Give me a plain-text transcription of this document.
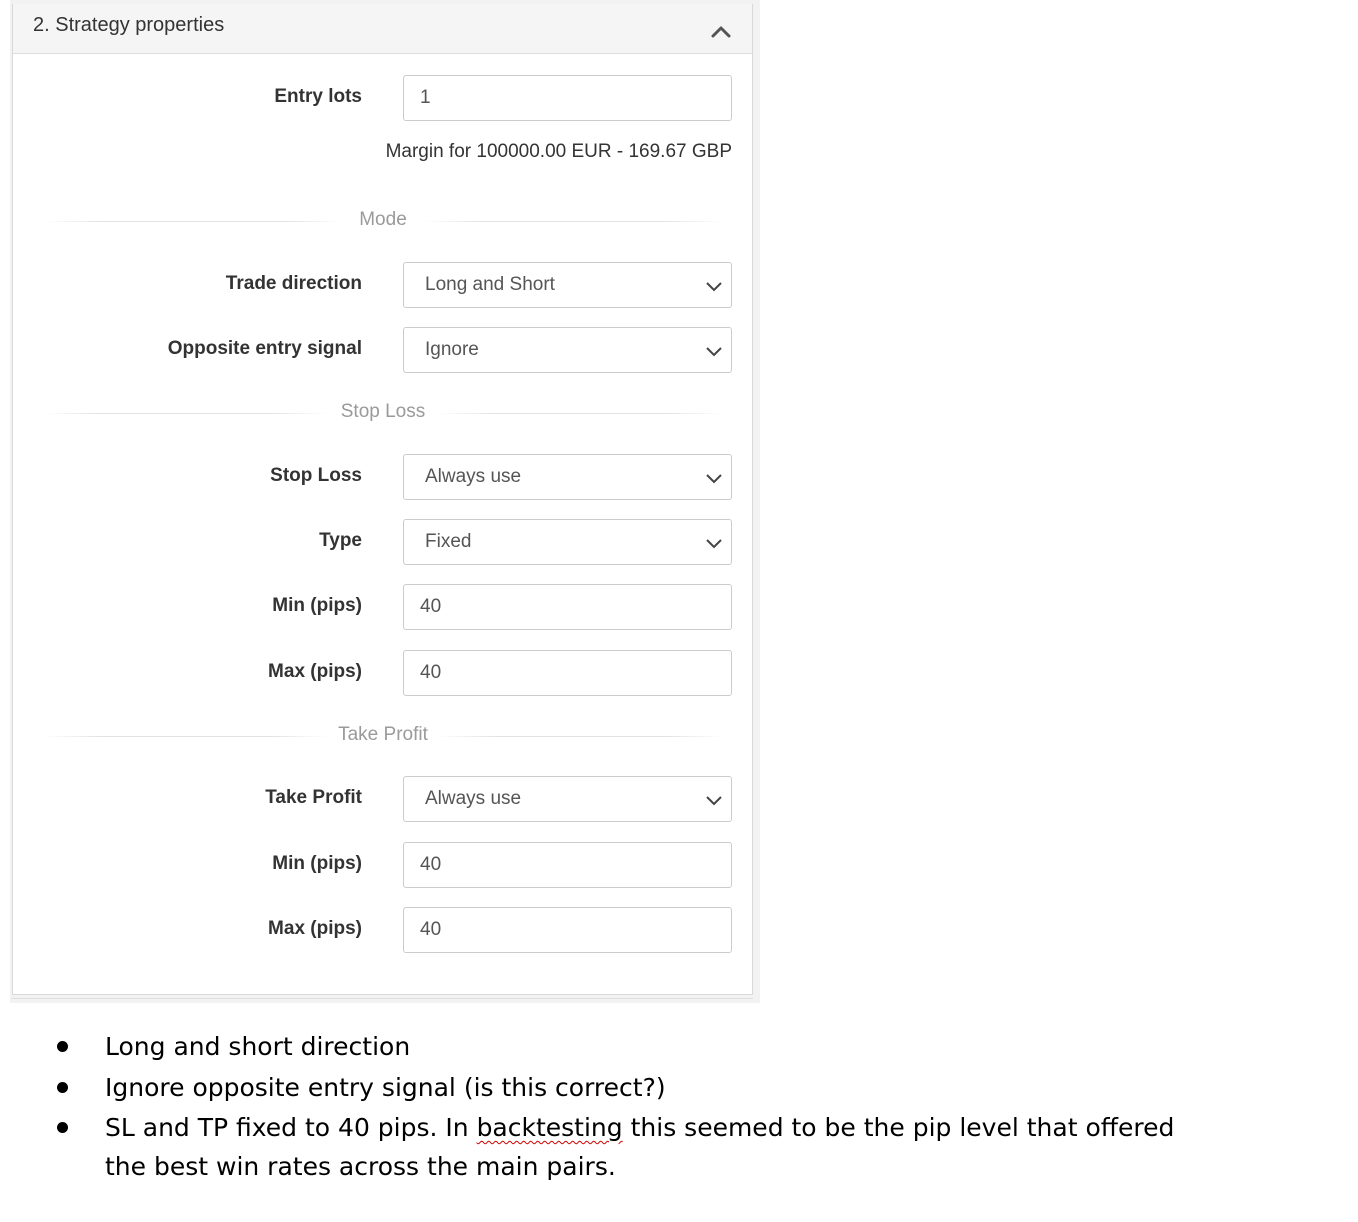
2. Strategy properties
Entry lots	1
Margin for 100000.00 EUR - 169.67 GBP
Mode
Trade direction	Long and Short
Opposite entry signal	Ignore
Stop Loss
Stop Loss	Always use
Type	Fixed
Min (pips)	40
Max (pips)	40
Take Profit
Take Profit	Always use
Min (pips)	40
Max (pips)	40
Long and short direction
Ignore opposite entry signal (is this correct?)
SL and TP fixed to 40 pips. In backtesting this seemed to be the pip level that offered the best win rates across the main pairs.
